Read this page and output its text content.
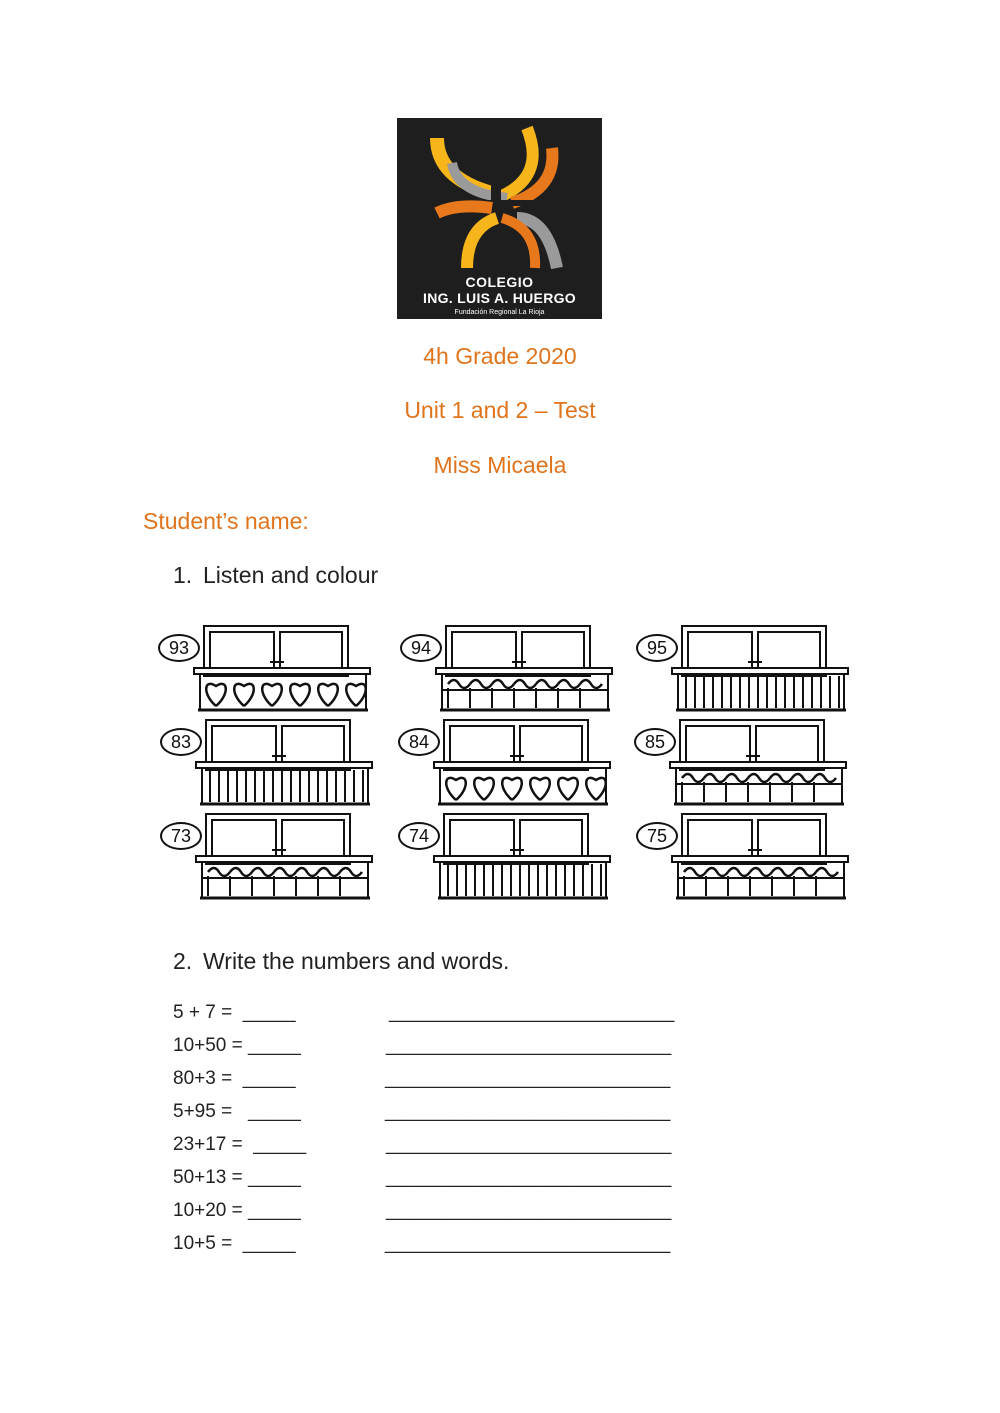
COLEGIO
ING. LUIS A. HUERGO
Fundación Regional La Rioja
4h Grade 2020
Unit 1 and 2 – Test
Miss Micaela
Student’s name:
1. Listen and colour
93	94	95
83	84	85
73	74	75
2. Write the numbers and words.
5 + 7 =  _____	___________________________
10+50 = _____	___________________________
80+3 =  _____	___________________________
5+95 =   _____	___________________________
23+17 =  _____	___________________________
50+13 = _____	___________________________
10+20 = _____	___________________________
10+5 =  _____	___________________________
